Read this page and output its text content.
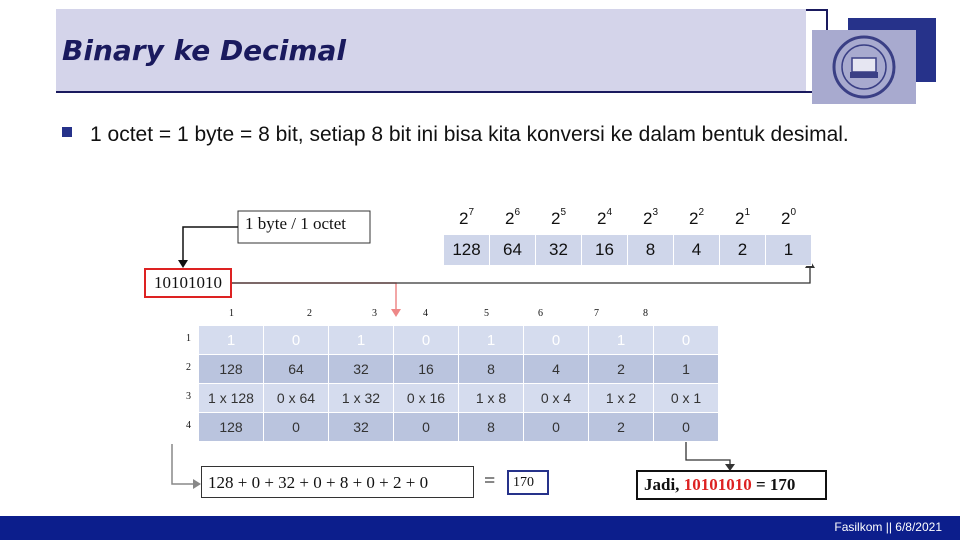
Binary ke Decimal
1 octet = 1 byte = 8 bit, setiap 8 bit ini bisa kita konversi ke dalam bentuk desimal.
1 byte / 1 octet	$2^7$	$2^6$	$2^5$	$2^4$	$2^3$	$2^2$	$2^1$	$2^0$
128	64	32	16	8	4	2	1
10101010
1	2	3	4	5	6	7	8
1
2
3
4
1	0	1	0	1	0	1	0
128	64	32	16	8	4	2	1
1 x 128	0 x 64	1 x 32	0 x 16	1 x 8	0 x 4	1 x 2	0 x 1
128	0	32	0	8	0	2	0
128 + 0 + 32 + 0 + 8 + 0 + 2 + 0	=	170	Jadi, 10101010 = 170
Fasilkom || 6/8/2021
